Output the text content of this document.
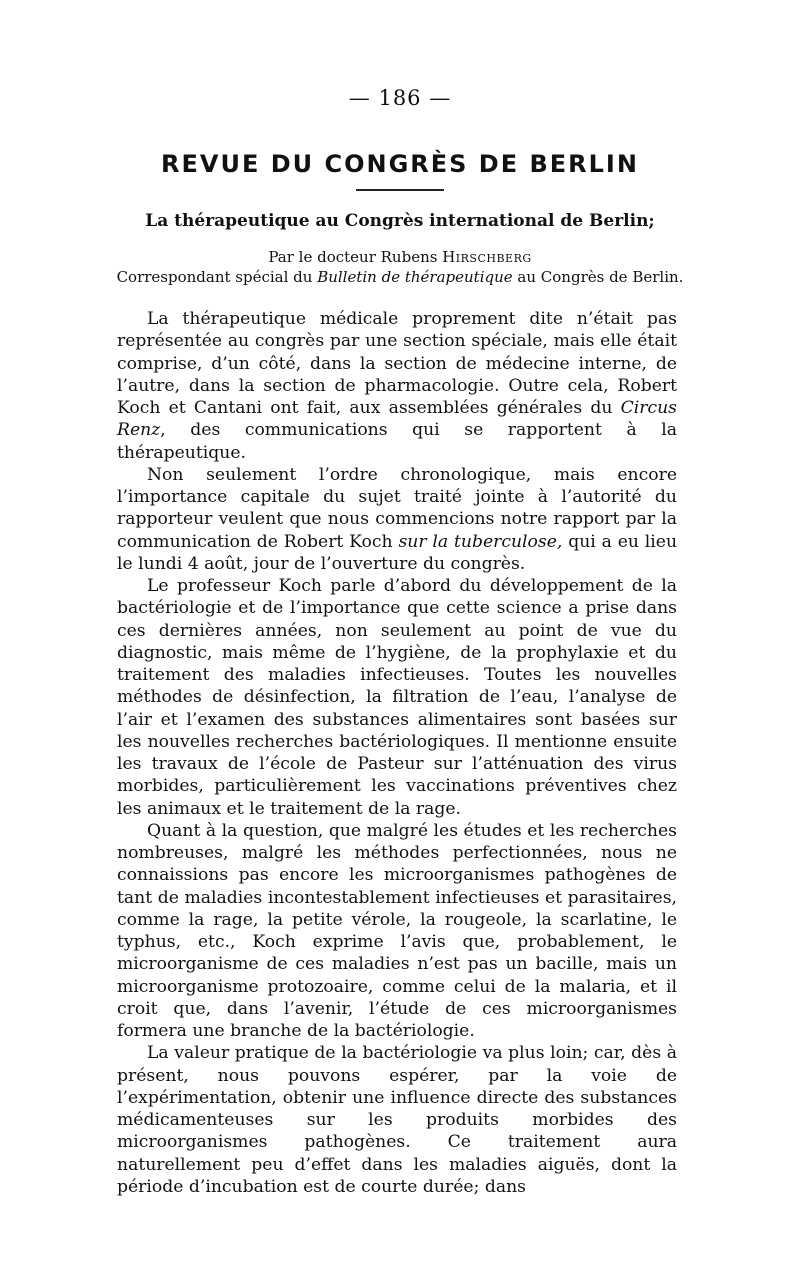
— 186 —
REVUE DU CONGRÈS DE BERLIN
La thérapeutique au Congrès international de Berlin;
Par le docteur Rubens Hirschberg
Correspondant spécial du Bulletin de thérapeutique au Congrès de Berlin.

La thérapeutique médicale proprement dite n’était pas représentée au congrès par une section spéciale, mais elle était comprise, d’un côté, dans la section de médecine interne, de l’autre, dans la section de pharmacologie. Outre cela, Robert Koch et Cantani ont fait, aux assemblées générales du Circus Renz, des communications qui se rapportent à la thérapeutique.

Non seulement l’ordre chronologique, mais encore l’importance capitale du sujet traité jointe à l’autorité du rapporteur veulent que nous commencions notre rapport par la communication de Robert Koch sur la tuberculose, qui a eu lieu le lundi 4 août, jour de l’ouverture du congrès.

Le professeur Koch parle d’abord du développement de la bactériologie et de l’importance que cette science a prise dans ces dernières années, non seulement au point de vue du diagnostic, mais même de l’hygiène, de la prophylaxie et du traitement des maladies infectieuses. Toutes les nouvelles méthodes de désinfection, la filtration de l’eau, l’analyse de l’air et l’examen des substances alimentaires sont basées sur les nouvelles recherches bactériologiques. Il mentionne ensuite les travaux de l’école de Pasteur sur l’atténuation des virus morbides, particulièrement les vaccinations préventives chez les animaux et le traitement de la rage.

Quant à la question, que malgré les études et les recherches nombreuses, malgré les méthodes perfectionnées, nous ne connaissions pas encore les microorganismes pathogènes de tant de maladies incontestablement infectieuses et parasitaires, comme la rage, la petite vérole, la rougeole, la scarlatine, le typhus, etc., Koch exprime l’avis que, probablement, le microorganisme de ces maladies n’est pas un bacille, mais un microorganisme protozoaire, comme celui de la malaria, et il croit que, dans l’avenir, l’étude de ces microorganismes formera une branche de la bactériologie.

La valeur pratique de la bactériologie va plus loin; car, dès à présent, nous pouvons espérer, par la voie de l’expérimentation, obtenir une influence directe des substances médicamenteuses sur les produits morbides des microorganismes pathogènes. Ce traitement aura naturellement peu d’effet dans les maladies aiguës, dont la période d’incubation est de courte durée; dans
